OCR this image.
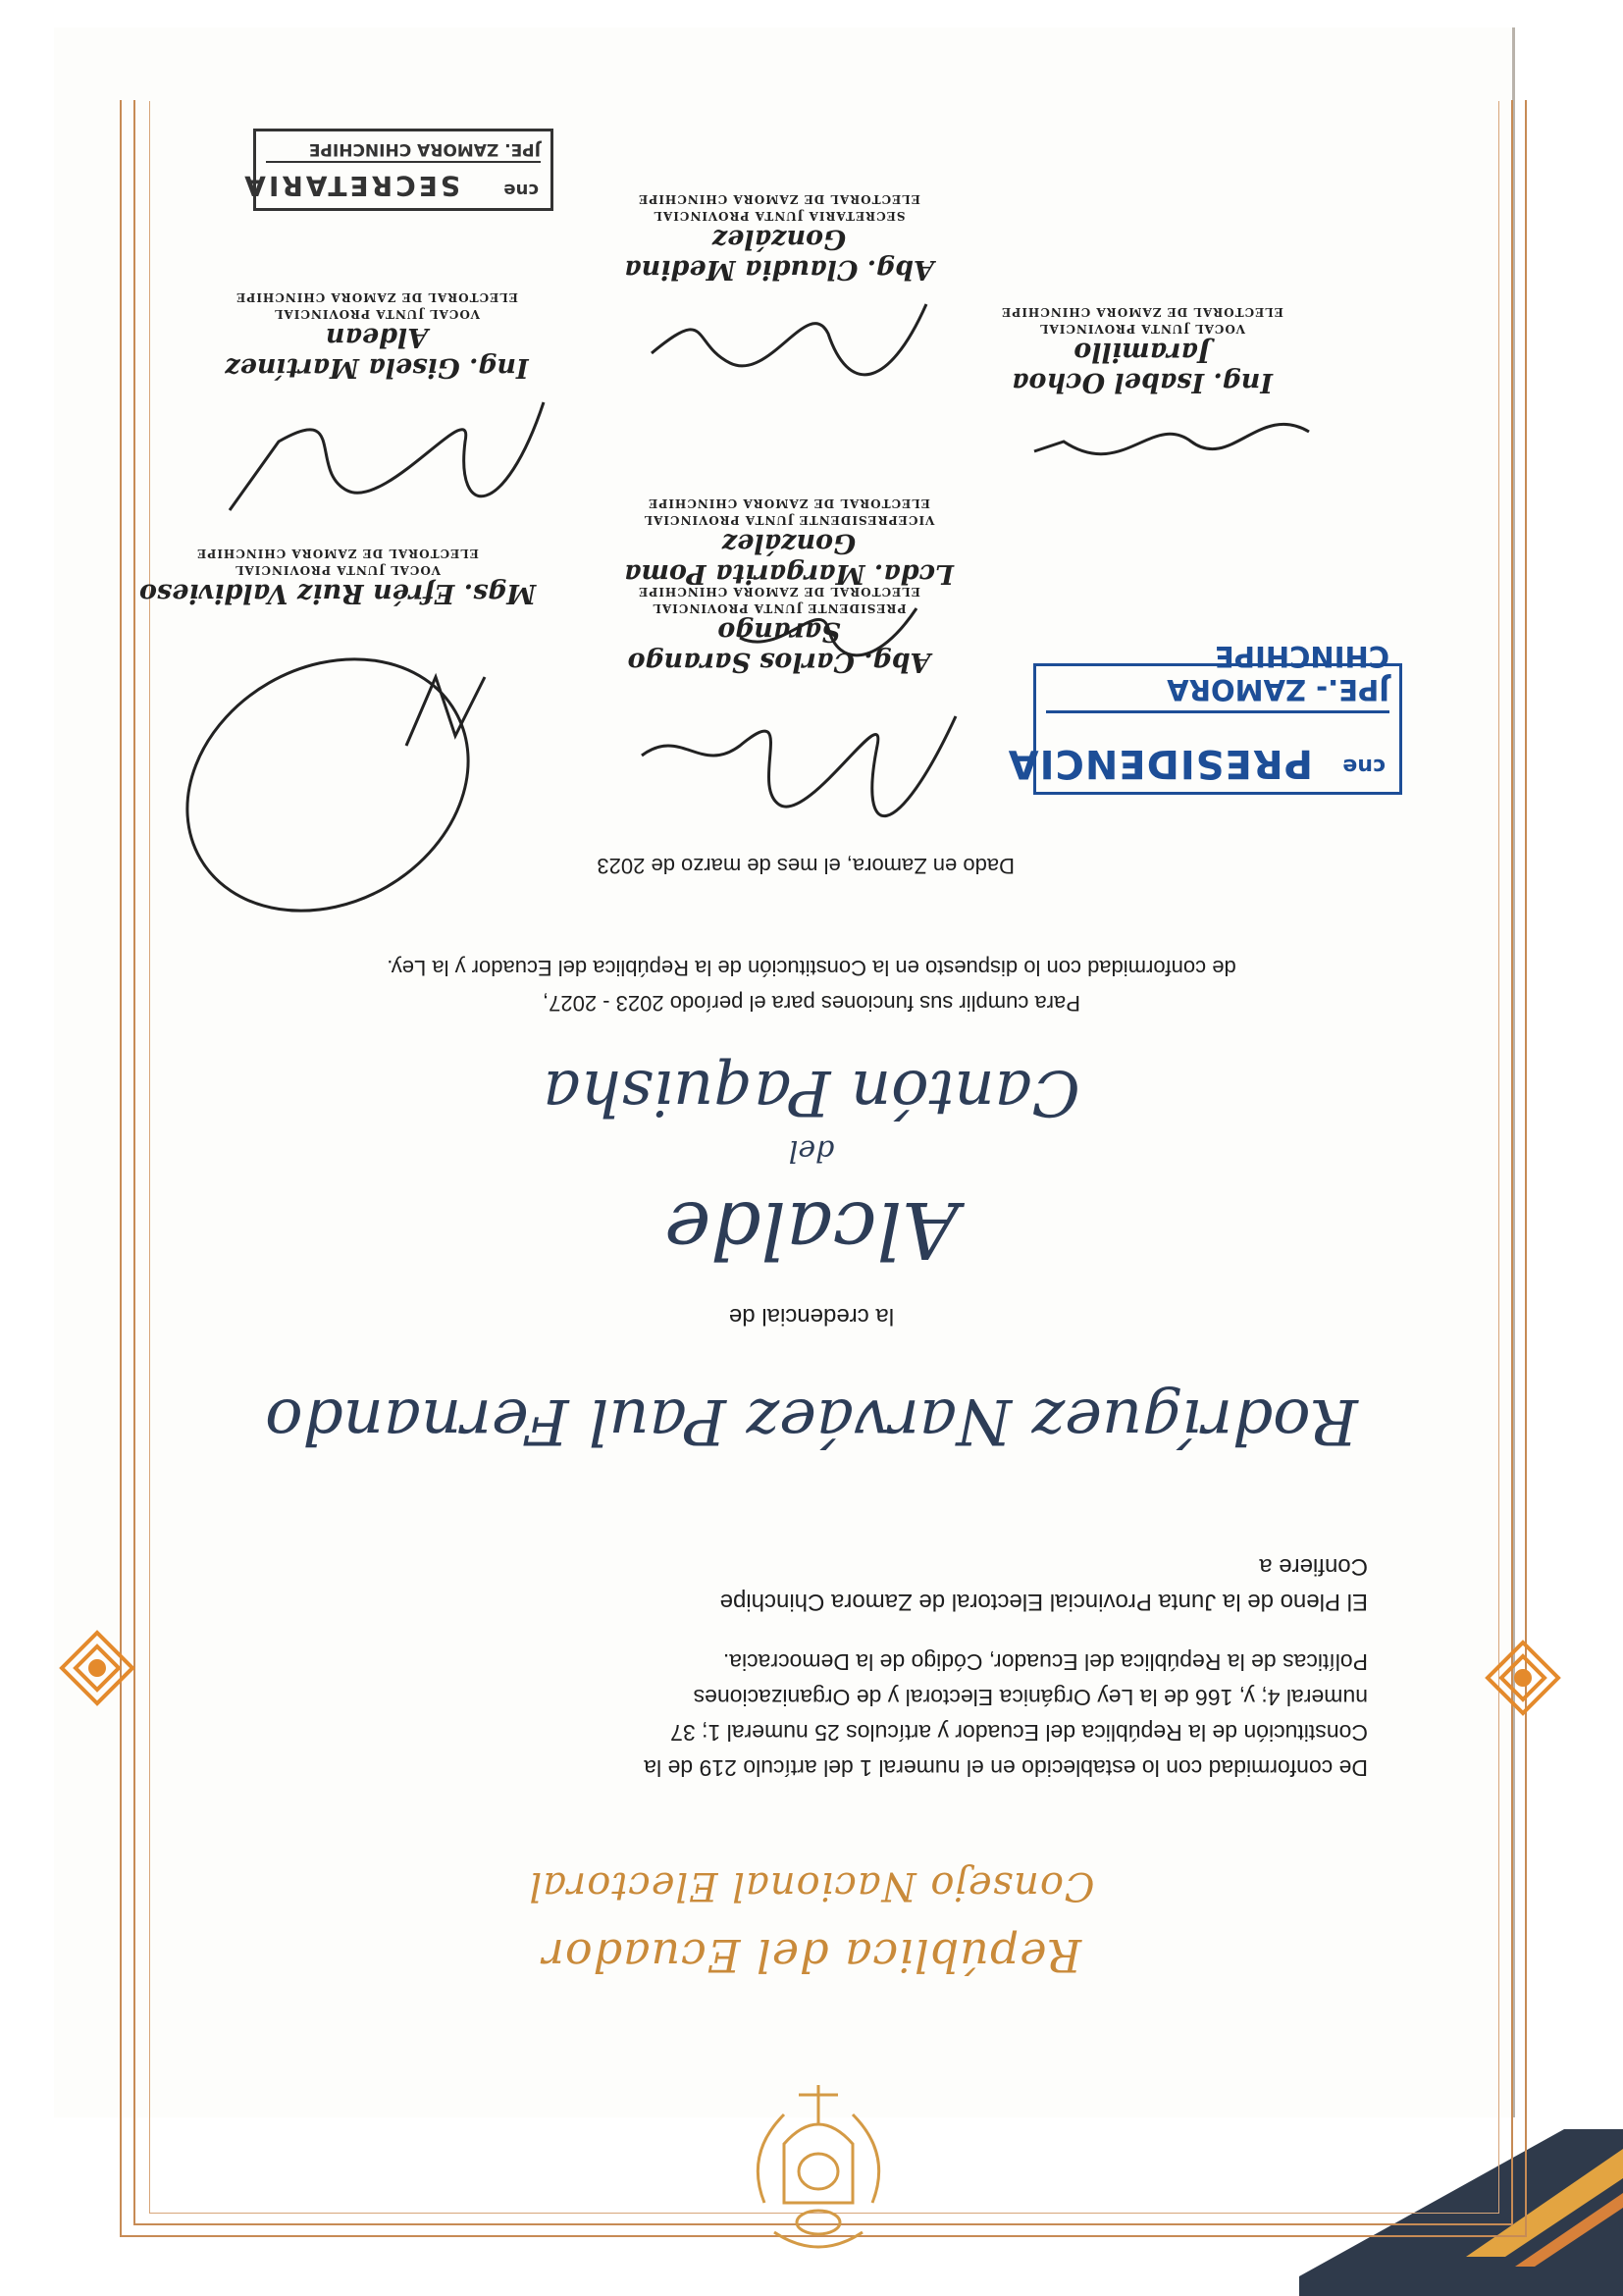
República del Ecuador
Consejo Nacional Electoral
De conformidad con lo establecido en el numeral 1 del artículo 219 de la
Constitución de la República del Ecuador y artículos 25 numeral 1; 37
numeral 4; y, 166 de la Ley Orgánica Electoral y de Organizaciones
Políticas de la República del Ecuador, Código de la Democracia.
El Pleno de la Junta Provincial Electoral de Zamora Chinchipe
Confiere a
Rodríguez Narváez Paul Fernando
la credencial de
Alcalde
del
Cantón Paquisha
Para cumplir sus funciones para el período 2023 - 2027,
de conformidad con lo dispuesto en la Constitución de la República del Ecuador y la Ley.
Dado en Zamora, el mes de marzo de 2023
cne
PRESIDENCIA
JPE.- ZAMORA CHINCHIPE
Abg. Carlos Sarango Sarango
PRESIDENTE JUNTA PROVINCIAL
ELECTORAL DE ZAMORA CHINCHIPE
Mgs. Efrén Ruiz Valdivieso
VOCAL JUNTA PROVINCIAL
ELECTORAL DE ZAMORA CHINCHIPE
Lcda. Margarita Poma González
VICEPRESIDENTE JUNTA PROVINCIAL
ELECTORAL DE ZAMORA CHINCHIPE
Ing. Gisela Martínez Aldean
VOCAL JUNTA PROVINCIAL
ELECTORAL DE ZAMORA CHINCHIPE
Ing. Isabel Ochoa Jaramillo
VOCAL JUNTA PROVINCIAL
ELECTORAL DE ZAMORA CHINCHIPE
Abg. Claudia Medina González
SECRETARIA JUNTA PROVINCIAL
ELECTORAL DE ZAMORA CHINCHIPE
cne
SECRETARIA
JPE. ZAMORA CHINCHIPE
